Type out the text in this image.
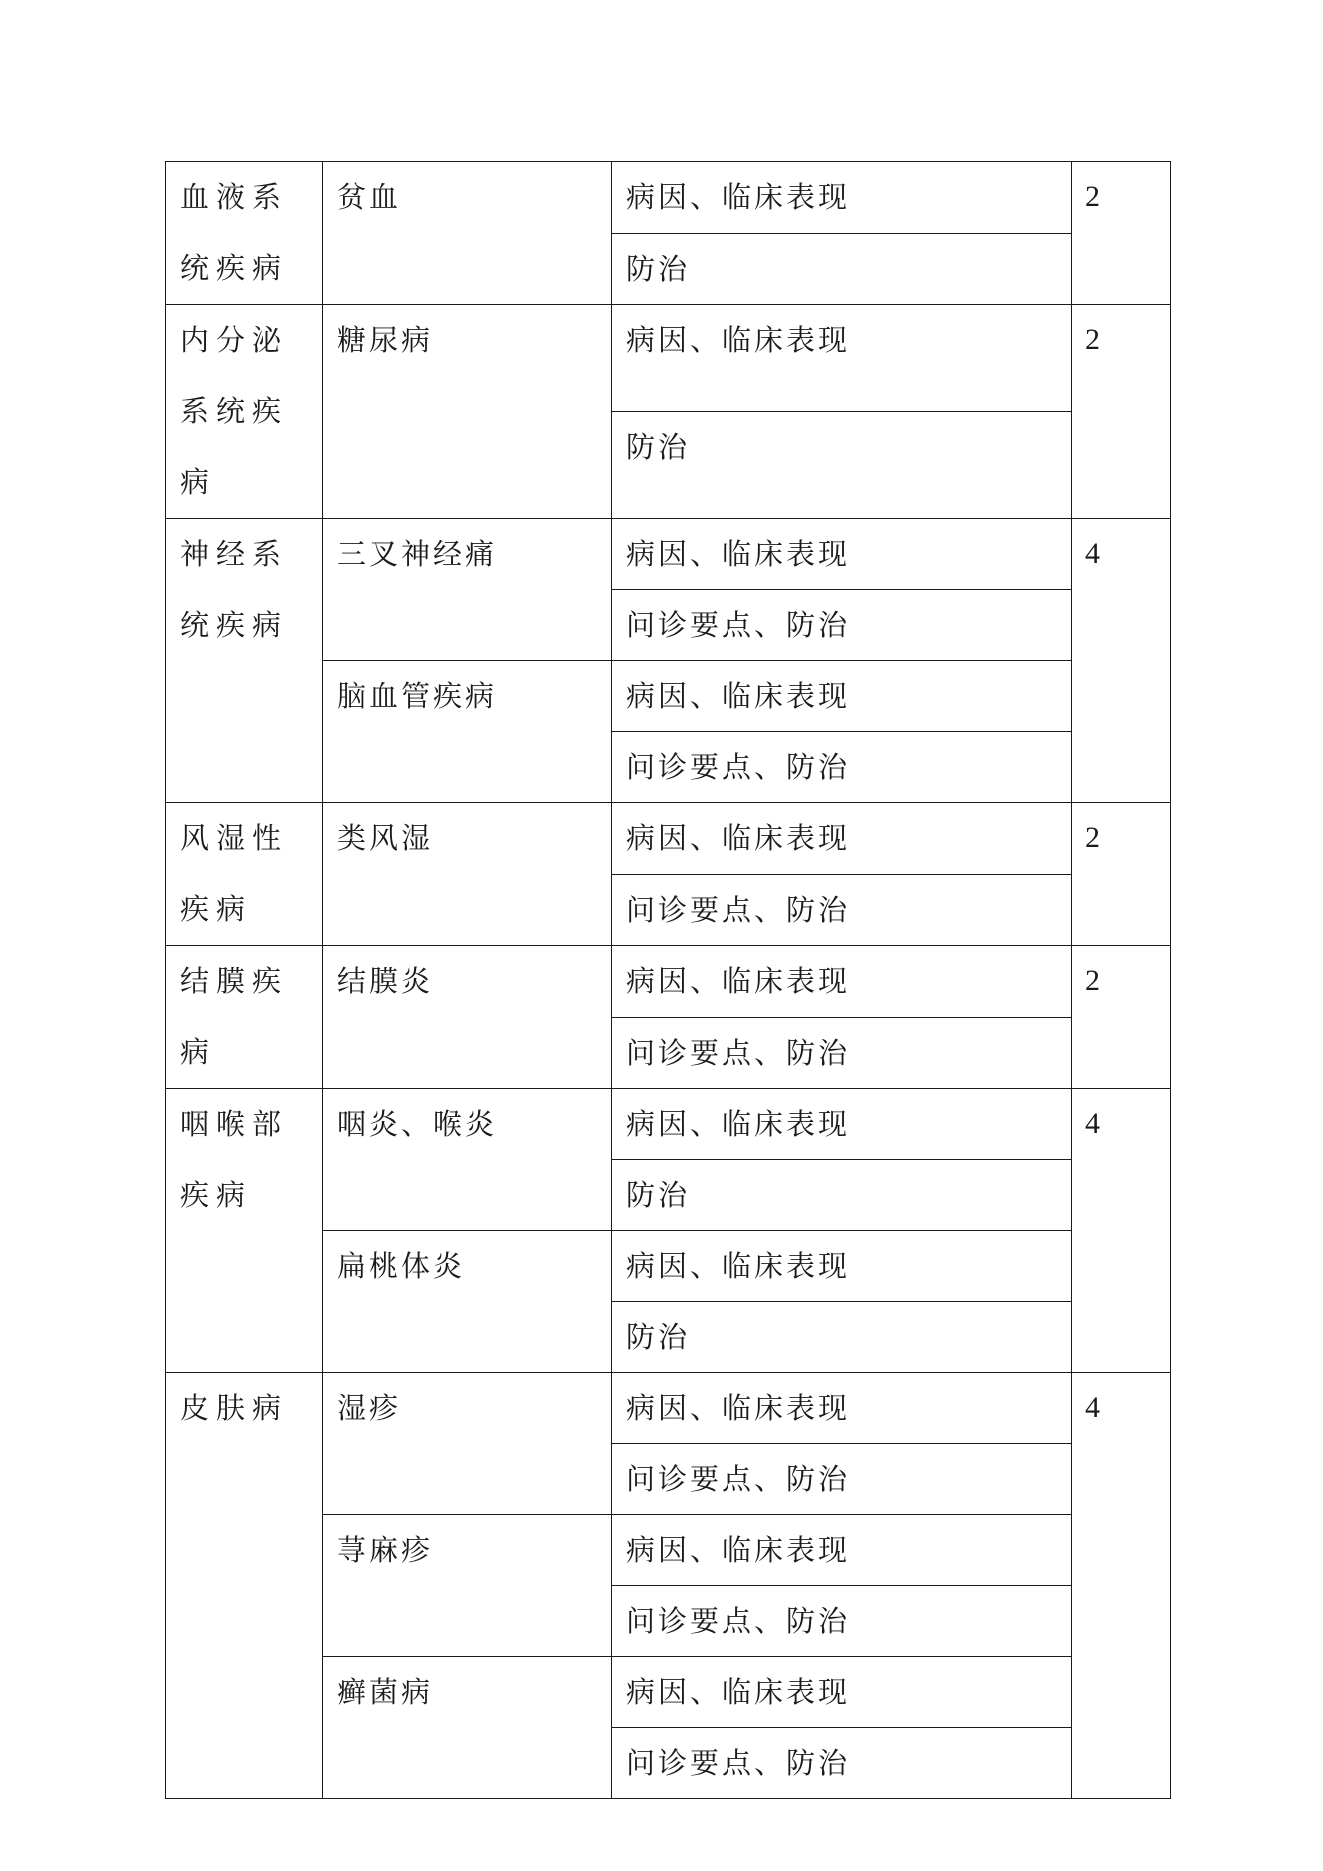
血液系统疾病	贫血	病因、临床表现	2
		防治	

内分泌系统疾病	糖尿病	病因、临床表现	2
		防治	

神经系统疾病	三叉神经痛	病因、临床表现	4
		问诊要点、防治	
	脑血管疾病	病因、临床表现	
		问诊要点、防治	

风湿性疾病	类风湿	病因、临床表现	2
		问诊要点、防治	

结膜疾病	结膜炎	病因、临床表现	2
		问诊要点、防治	

咽喉部疾病	咽炎、喉炎	病因、临床表现	4
		防治	
	扁桃体炎	病因、临床表现	
		防治	

皮肤病	湿疹	病因、临床表现	4
		问诊要点、防治	
	荨麻疹	病因、临床表现	
		问诊要点、防治	
	癣菌病	病因、临床表现	
		问诊要点、防治	
